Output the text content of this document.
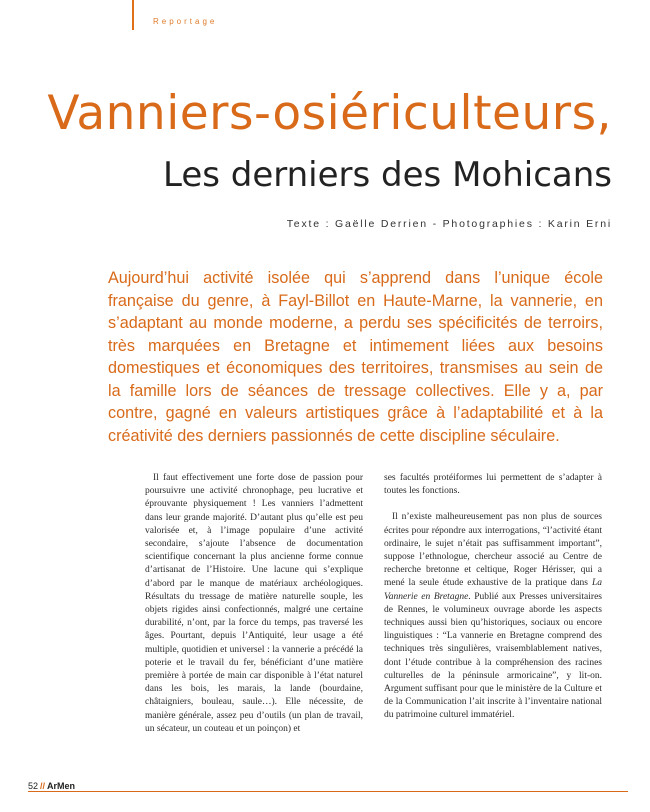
Reportage
Vanniers-osiériculteurs,
Les derniers des Mohicans
Texte : Gaëlle Derrien - Photographies : Karin Erni

Aujourd’hui activité isolée qui s’apprend dans l’unique école française du genre, à Fayl-Billot en Haute-Marne, la vannerie, en s’adaptant au monde moderne, a perdu ses spécificités de terroirs, très marquées en Bretagne et intimement liées aux besoins domestiques et économiques des territoires, transmises au sein de la famille lors de séances de tressage collectives. Elle y a, par contre, gagné en valeurs artistiques grâce à l’adaptabilité et à la créativité des derniers passionnés de cette discipline séculaire.

Il faut effectivement une forte dose de passion pour poursuivre une activité chronophage, peu lucrative et éprouvante physiquement ! Les vanniers l’admettent dans leur grande majorité. D’autant plus qu’elle est peu valorisée et, à l’image populaire d’une activité secondaire, s’ajoute l’absence de documentation scientifique concernant la plus ancienne forme connue d’artisanat de l’Histoire. Une lacune qui s’explique d’abord par le manque de matériaux archéologiques. Résultats du tressage de matière naturelle souple, les objets rigides ainsi confectionnés, malgré une certaine durabilité, n’ont, par la force du temps, pas traversé les âges. Pourtant, depuis l’Antiquité, leur usage a été multiple, quotidien et universel : la vannerie a précédé la poterie et le travail du fer, bénéficiant d’une matière première à portée de main car disponible à l’état naturel dans les bois, les marais, la lande (bourdaine, châtaigniers, bouleau, saule…). Elle nécessite, de manière générale, assez peu d’outils (un plan de travail, un sécateur, un couteau et un poinçon) et

ses facultés protéiformes lui permettent de s’adapter à toutes les fonctions.

Il n’existe malheureusement pas non plus de sources écrites pour répondre aux interrogations, “l’activité étant ordinaire, le sujet n’était pas suffisamment important”, suppose l’ethnologue, chercheur associé au Centre de recherche bretonne et celtique, Roger Hérisser, qui a mené la seule étude exhaustive de la pratique dans La Vannerie en Bretagne. Publié aux Presses universitaires de Rennes, le volumineux ouvrage aborde les aspects techniques aussi bien qu’historiques, sociaux ou encore linguistiques : “La vannerie en Bretagne comprend des techniques très singulières, vraisemblablement natives, dont l’étude contribue à la compréhension des racines culturelles de la péninsule armoricaine”, y lit-on. Argument suffisant pour que le ministère de la Culture et de la Communication l’ait inscrite à l’inventaire national du patrimoine culturel immatériel.

52 // ArMen
